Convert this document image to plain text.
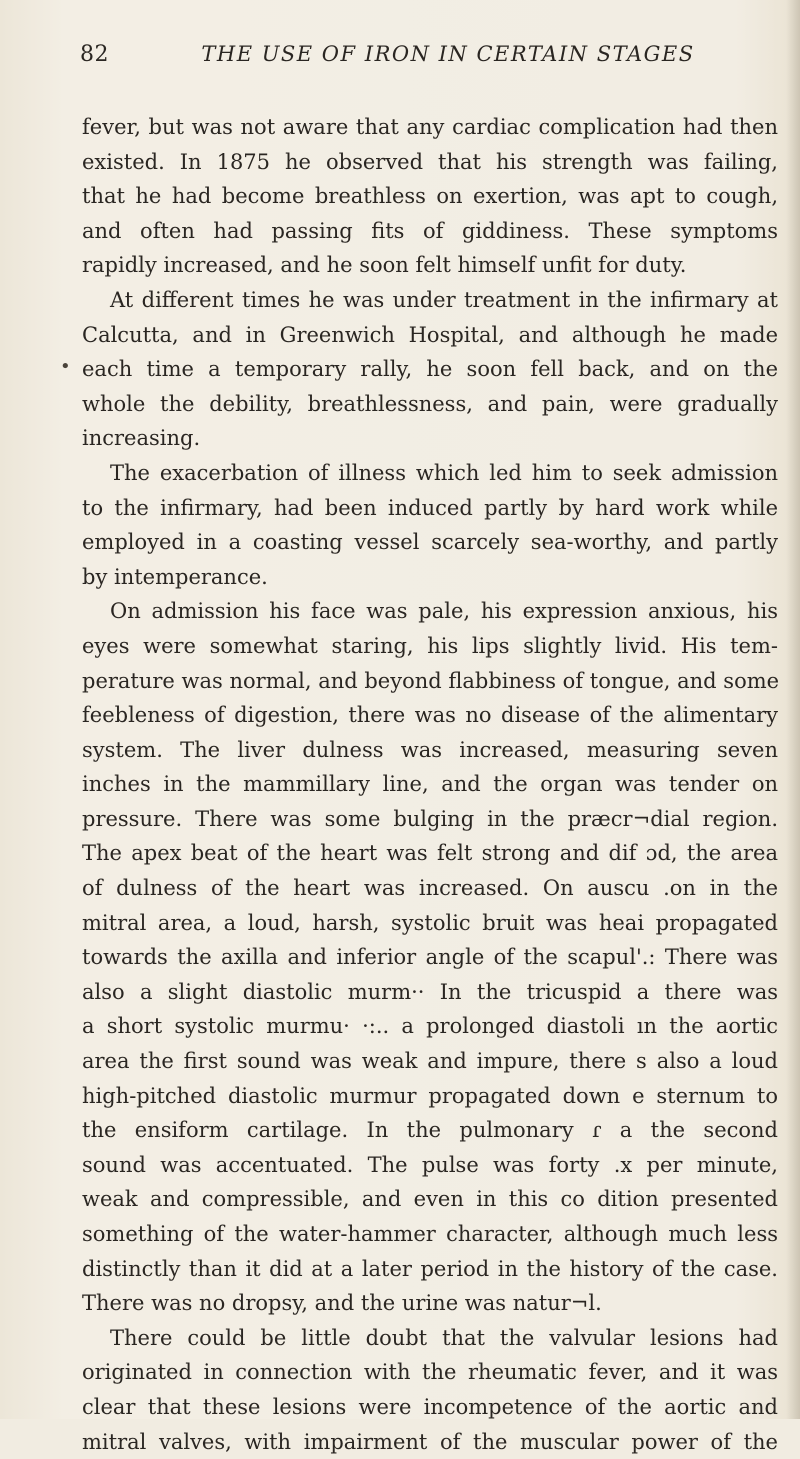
82	THE USE OF IRON IN CERTAIN STAGES
•
fever, but was not aware that any cardiac complication had then
existed. In 1875 he observed that his strength was failing,
that he had become breathless on exertion, was apt to cough,
and often had passing fits of giddiness. These symptoms
rapidly increased, and he soon felt himself unfit for duty.
At different times he was under treatment in the infirmary at
Calcutta, and in Greenwich Hospital, and although he made
each time a temporary rally, he soon fell back, and on the
whole the debility, breathlessness, and pain, were gradually
increasing.
The exacerbation of illness which led him to seek admission
to the infirmary, had been induced partly by hard work while
employed in a coasting vessel scarcely sea-worthy, and partly
by intemperance.
On admission his face was pale, his expression anxious, his
eyes were somewhat staring, his lips slightly livid. His tem-
perature was normal, and beyond flabbiness of tongue, and some
feebleness of digestion, there was no disease of the alimentary
system. The liver dulness was increased, measuring seven
inches in the mammillary line, and the organ was tender on
pressure. There was some bulging in the præcr¬dial region.
The apex beat of the heart was felt strong and dif ɔd, the area
of dulness of the heart was increased. On auscu .on in the
mitral area, a loud, harsh, systolic bruit was heai propagated
towards the axilla and inferior angle of the scapul'.: There was
also a slight diastolic murm·· In the tricuspid a there was
a short systolic murmu· ·:.. a prolonged diastoli ın the aortic
area the first sound was weak and impure, there s also a loud
high-pitched diastolic murmur propagated down e sternum to
the ensiform cartilage. In the pulmonary ɾ a the second
sound was accentuated. The pulse was forty .x per minute,
weak and compressible, and even in this co dition presented
something of the water-hammer character, although much less
distinctly than it did at a later period in the history of the case.
There was no dropsy, and the urine was natur¬l.
There could be little doubt that the valvular lesions had
originated in connection with the rheumatic fever, and it was
clear that these lesions were incompetence of the aortic and
mitral valves, with impairment of the muscular power of the
